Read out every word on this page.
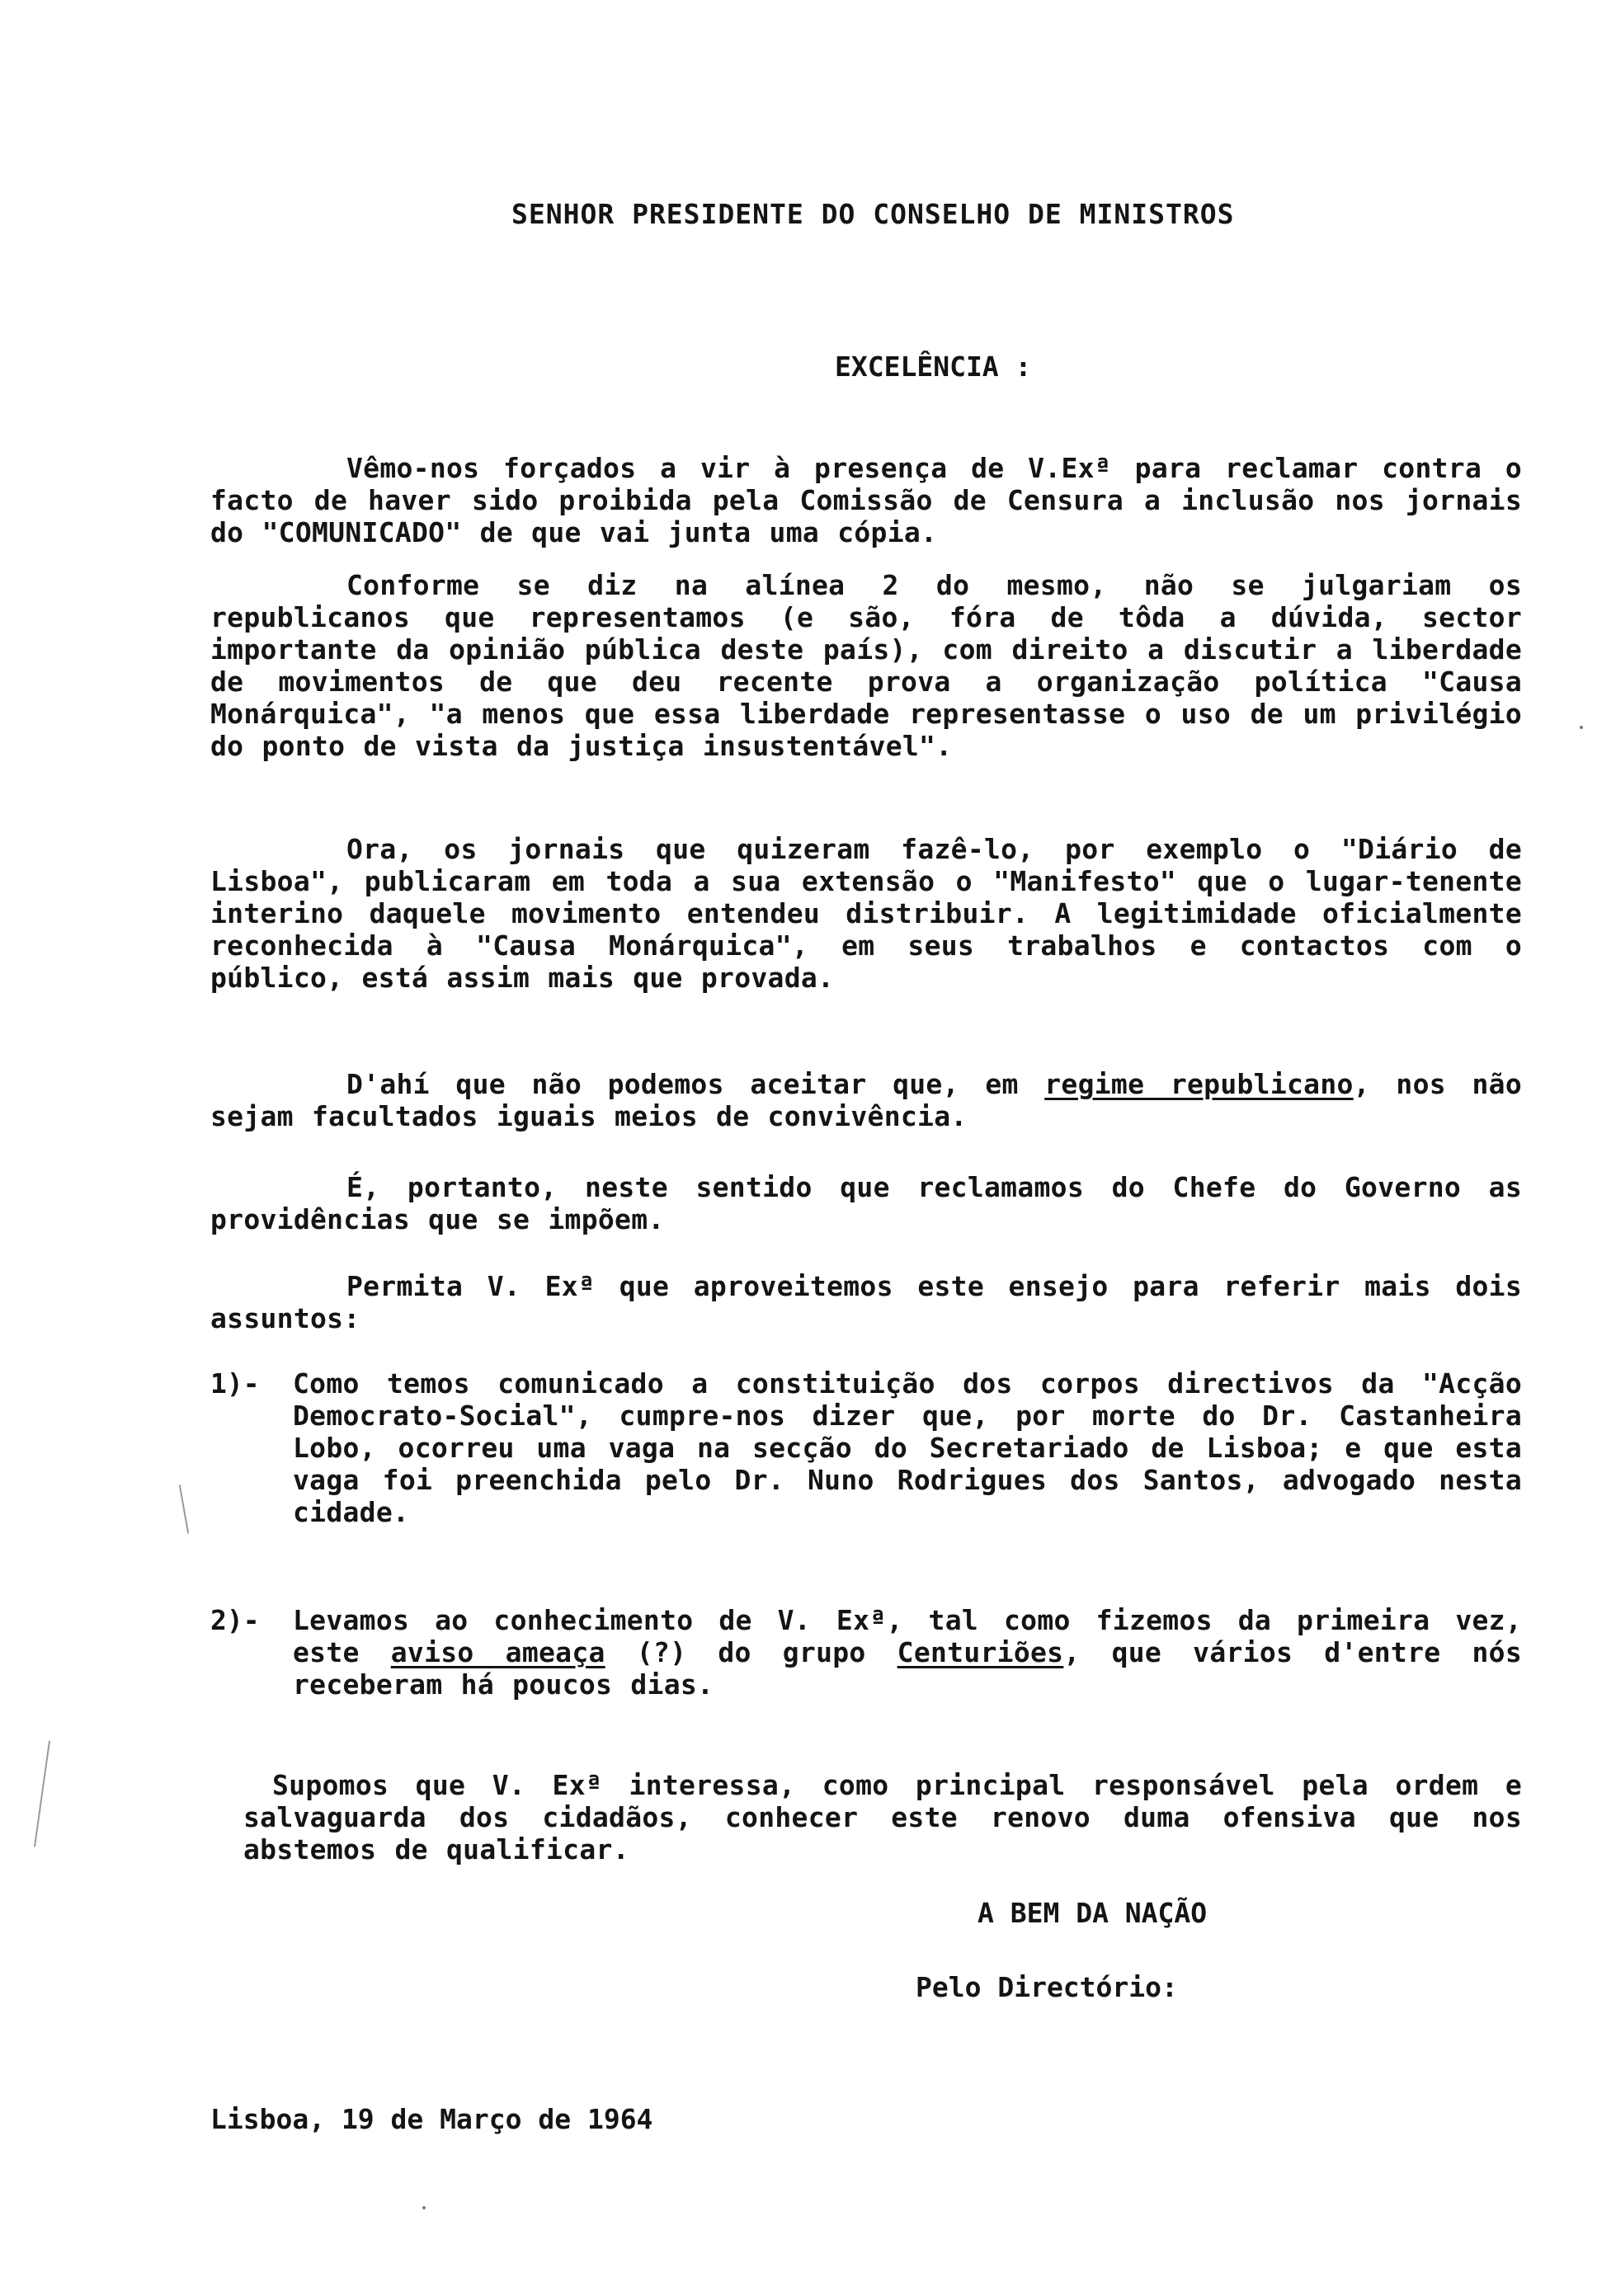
SENHOR PRESIDENTE DO CONSELHO DE MINISTROS
EXCELÊNCIA :

Vêmo-nos forçados a vir à presença de V.Exª para reclamar contra o facto de haver sido proibida pela Comissão de Censura a inclusão nos jornais do "COMUNICADO" de que vai junta uma cópia.

Conforme se diz na alínea 2 do mesmo, não se julgariam os republicanos que representamos (e são, fóra de tôda a dúvida, sector importante da opinião pública deste país), com direito a discutir a liberdade de movimentos de que deu recente prova a organização política "Causa Monárquica", "a menos que essa liberdade representasse o uso de um privilégio do ponto de vista da justiça insustentável".

Ora, os jornais que quizeram fazê-lo, por exemplo o "Diário de Lisboa", publicaram em toda a sua extensão o "Manifesto" que o lugar-tenente interino daquele movimento entendeu distribuir. A legitimidade oficialmente reconhecida à "Causa Monárquica", em seus trabalhos e contactos com o público, está assim mais que provada.

D'ahí que não podemos aceitar que, em regime republicano, nos não sejam facultados iguais meios de convivência.

É, portanto, neste sentido que reclamamos do Chefe do Governo as providências que se impõem.

Permita V. Exª que aproveitemos este ensejo para referir mais dois assuntos:

1)-	Como temos comunicado a constituição dos corpos directivos da "Acção Democrato-Social", cumpre-nos dizer que, por morte do Dr. Castanheira Lobo, ocorreu uma vaga na secção do Secretariado de Lisboa; e que esta vaga foi preenchida pelo Dr. Nuno Rodrigues dos Santos, advogado nesta cidade.
2)-	Levamos ao conhecimento de V. Exª, tal como fizemos da primeira vez, este aviso ameaça (?) do grupo Centuriões, que vários d'entre nós receberam há poucos dias.

Supomos que V. Exª interessa, como principal responsável pela ordem e salvaguarda dos cidadãos, conhecer este renovo duma ofensiva que nos abstemos de qualificar.

A BEM DA NAÇÃO
Pelo Directório:
Lisboa, 19 de Março de 1964
